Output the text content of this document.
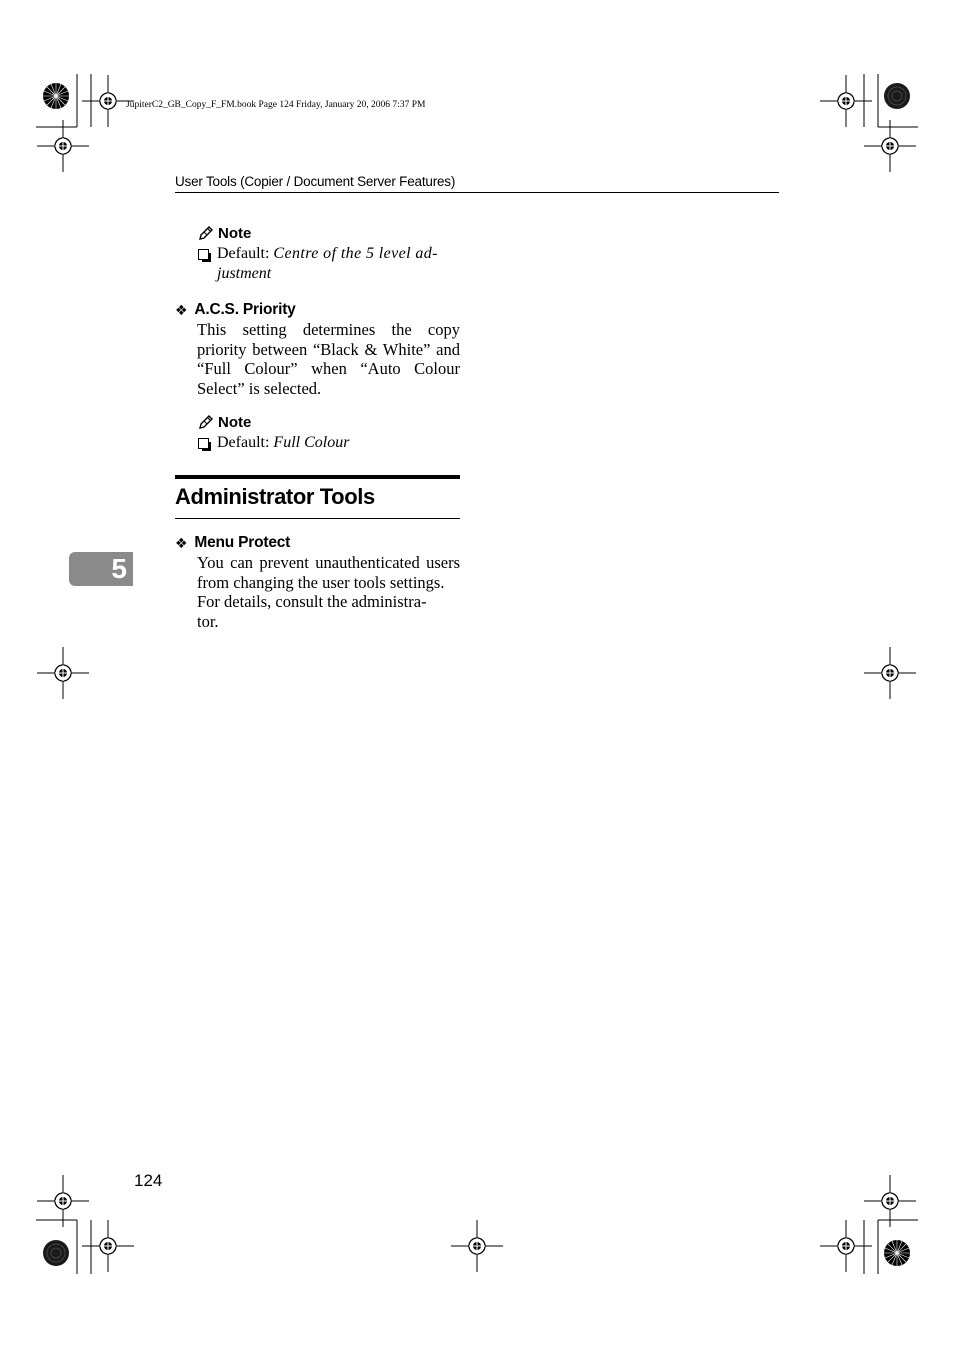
JupiterC2_GB_Copy_F_FM.book Page 124 Friday, January 20, 2006 7:37 PM
User Tools (Copier / Document Server Features)
Note
Default: Centre of the 5 level ad-
justment
❖ A.C.S. Priority
This setting determines the copy priority between “Black & White” and “Full Colour” when “Auto Colour Select” is selected.
Note
Default: Full Colour
Administrator Tools
❖ Menu Protect
You can prevent unauthenticated users from changing the user tools settings.
For details, consult the administra-
tor.
5
124
